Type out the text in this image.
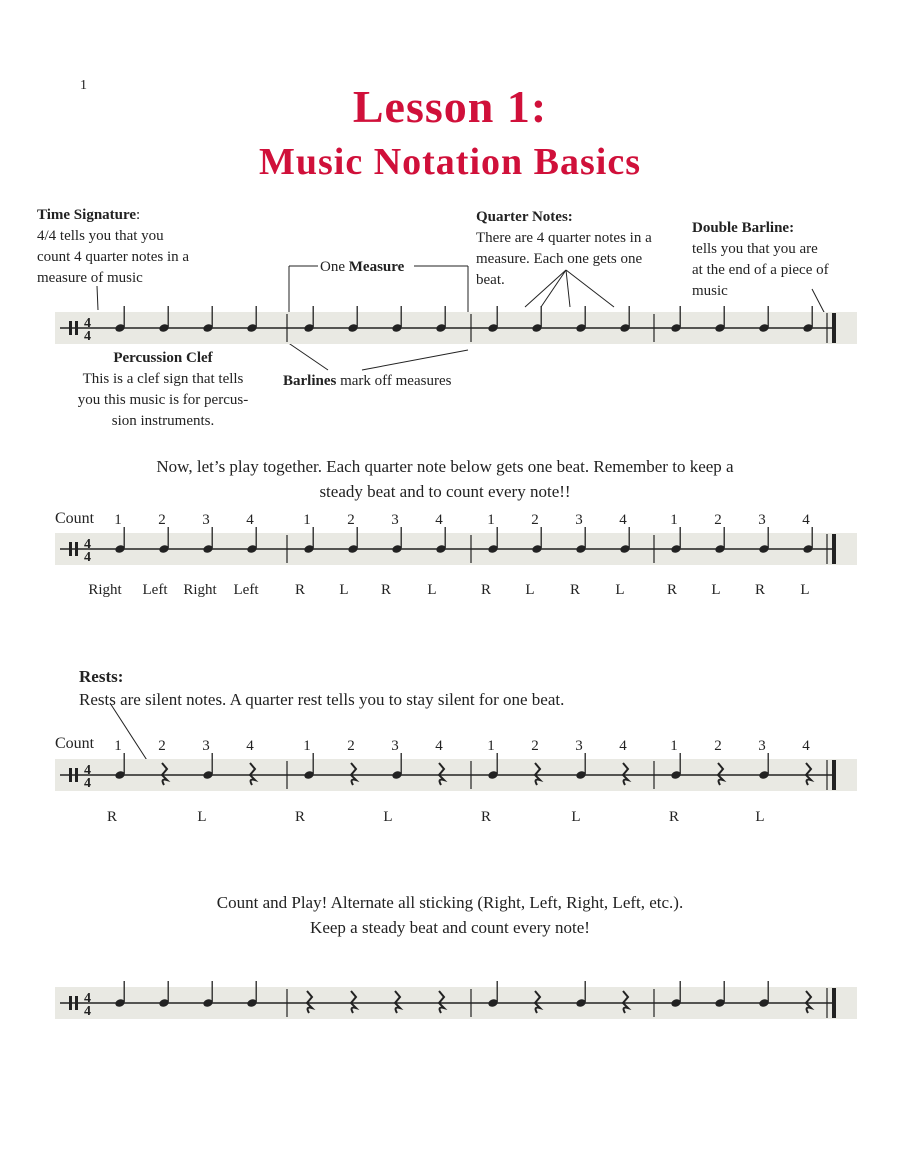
1	Lesson 1:
Music Notation Basics
Time Signature:
4/4 tells you that you
count 4 quarter notes in a
measure of music
One Measure
Quarter Notes:
There are 4 quarter notes in a
measure. Each one gets one
beat.
Double Barline:
tells you that you are
at the end of a piece of
music
Percussion Clef
This is a clef sign that tells
you this music is for percus-
sion instruments.
Barlines mark off measures
Now, let’s play together. Each quarter note below gets one beat. Remember to keep a
steady beat and to count every note!!
Count
Rests:
Rests are silent notes. A quarter rest tells you to stay silent for one beat.
Count
Count and Play! Alternate all sticking (Right, Left, Right, Left, etc.).
Keep a steady beat and count every note!
4
4
4
4
4
4
4
4
1 2 3 4	1 2 3 4	1 2 3 4	1 2 3 4
Right Left Right Left R L R L	R L R L	R L R L
1 2 3 4	1 2 3 4	1 2 3 4	1 2 3 4
R	L	R	L	R	L	R	L
